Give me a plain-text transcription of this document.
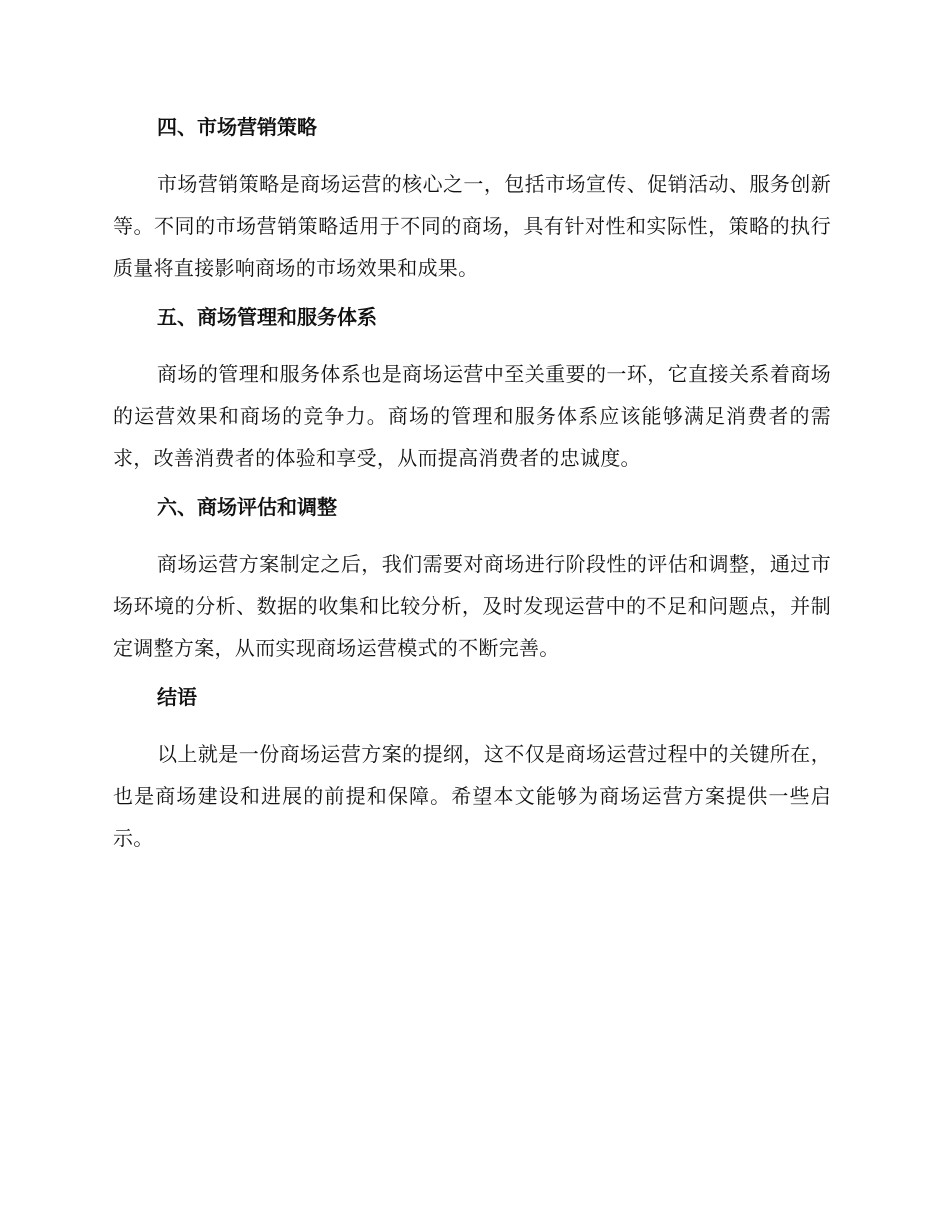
四、市场营销策略

市场营销策略是商场运营的核心之一，包括市场宣传、促销活动、服务创新等。不同的市场营销策略适用于不同的商场，具有针对性和实际性，策略的执行质量将直接影响商场的市场效果和成果。

五、商场管理和服务体系

商场的管理和服务体系也是商场运营中至关重要的一环，它直接关系着商场的运营效果和商场的竞争力。商场的管理和服务体系应该能够满足消费者的需求，改善消费者的体验和享受，从而提高消费者的忠诚度。

六、商场评估和调整

商场运营方案制定之后，我们需要对商场进行阶段性的评估和调整，通过市场环境的分析、数据的收集和比较分析，及时发现运营中的不足和问题点，并制定调整方案，从而实现商场运营模式的不断完善。

结语

以上就是一份商场运营方案的提纲，这不仅是商场运营过程中的关键所在，也是商场建设和进展的前提和保障。希望本文能够为商场运营方案提供一些启示。
